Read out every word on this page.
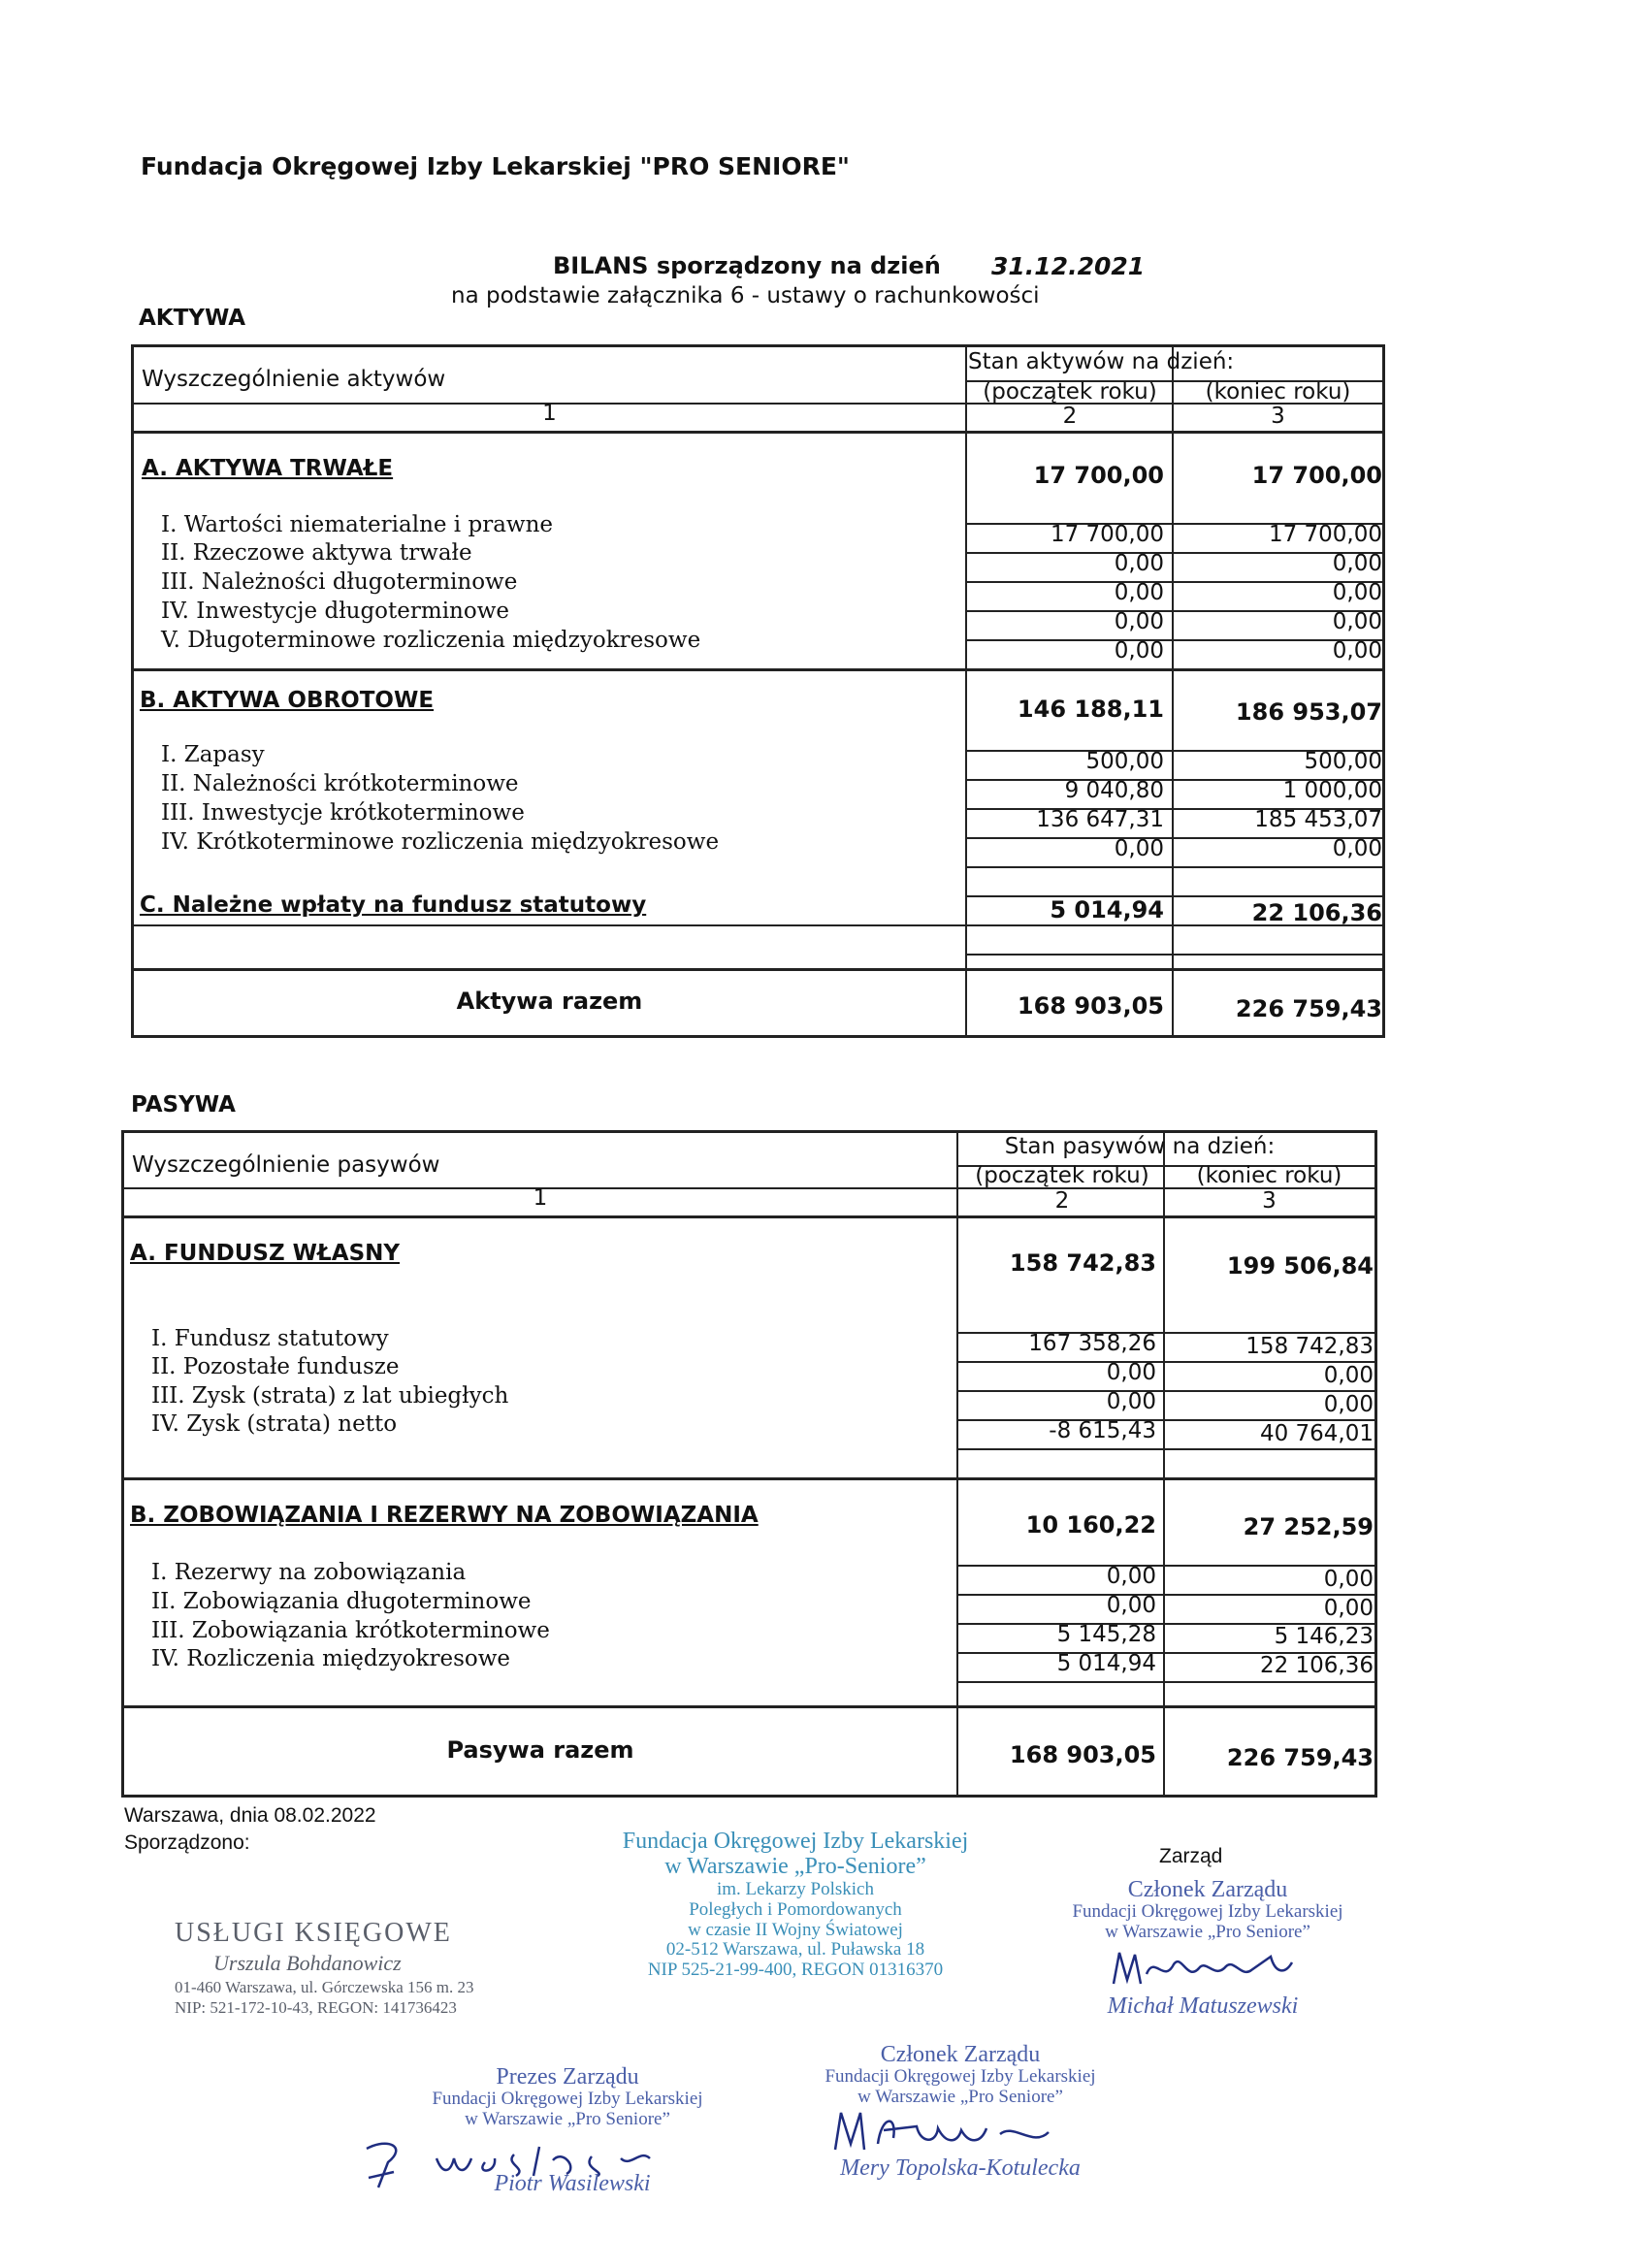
Fundacja Okręgowej Izby Lekarskiej "PRO SENIORE"
BILANS sporządzony na dzień 31.12.2021
na podstawie załącznika 6 - ustawy o rachunkowości
AKTYWA
Wyszczególnienie aktywów
Stan aktywów na dzień:
(początek roku)	(koniec roku)
1	2	3
A. AKTYWA TRWAŁE	17 700,00	17 700,00
I. Wartości niematerialne i prawne	17 700,00	17 700,00
II. Rzeczowe aktywa trwałe	0,00	0,00
III. Należności długoterminowe	0,00	0,00
IV. Inwestycje długoterminowe	0,00	0,00
V. Długoterminowe rozliczenia międzyokresowe	0,00	0,00
B. AKTYWA OBROTOWE	146 188,11	186 953,07
I. Zapasy	500,00	500,00
II. Należności krótkoterminowe	9 040,80	1 000,00
III. Inwestycje krótkoterminowe	136 647,31	185 453,07
IV. Krótkoterminowe rozliczenia międzyokresowe	0,00	0,00
C. Należne wpłaty na fundusz statutowy	5 014,94	22 106,36
Aktywa razem	168 903,05	226 759,43
PASYWA
Wyszczególnienie pasywów
Stan pasywów na dzień:
(początek roku)	(koniec roku)
1	2	3
A. FUNDUSZ WŁASNY	158 742,83	199 506,84
I. Fundusz statutowy	167 358,26	158 742,83
II. Pozostałe fundusze	0,00	0,00
III. Zysk (strata) z lat ubiegłych	0,00	0,00
IV. Zysk (strata) netto	-8 615,43	40 764,01
B. ZOBOWIĄZANIA I REZERWY NA ZOBOWIĄZANIA	10 160,22	27 252,59
I. Rezerwy na zobowiązania	0,00	0,00
II. Zobowiązania długoterminowe	0,00	0,00
III. Zobowiązania krótkoterminowe	5 145,28	5 146,23
IV. Rozliczenia międzyokresowe	5 014,94	22 106,36
Pasywa razem	168 903,05	226 759,43
Warszawa, dnia 08.02.2022
Sporządzono:
Zarząd
Fundacja Okręgowej Izby Lekarskiej
w Warszawie „Pro-Seniore”
im. Lekarzy Polskich
Poległych i Pomordowanych
w czasie II Wojny Światowej
02-512 Warszawa, ul. Puławska 18
NIP 525-21-99-400, REGON 01316370
USŁUGI KSIĘGOWE
Urszula Bohdanowicz
01-460 Warszawa, ul. Górczewska 156 m. 23
NIP: 521-172-10-43, REGON: 141736423
Członek Zarządu
Fundacji Okręgowej Izby Lekarskiej
w Warszawie „Pro Seniore”
Michał Matuszewski
Prezes Zarządu
Fundacji Okręgowej Izby Lekarskiej
w Warszawie „Pro Seniore”
Piotr Wasilewski
Członek Zarządu
Fundacji Okręgowej Izby Lekarskiej
w Warszawie „Pro Seniore”
Mery Topolska-Kotulecka
